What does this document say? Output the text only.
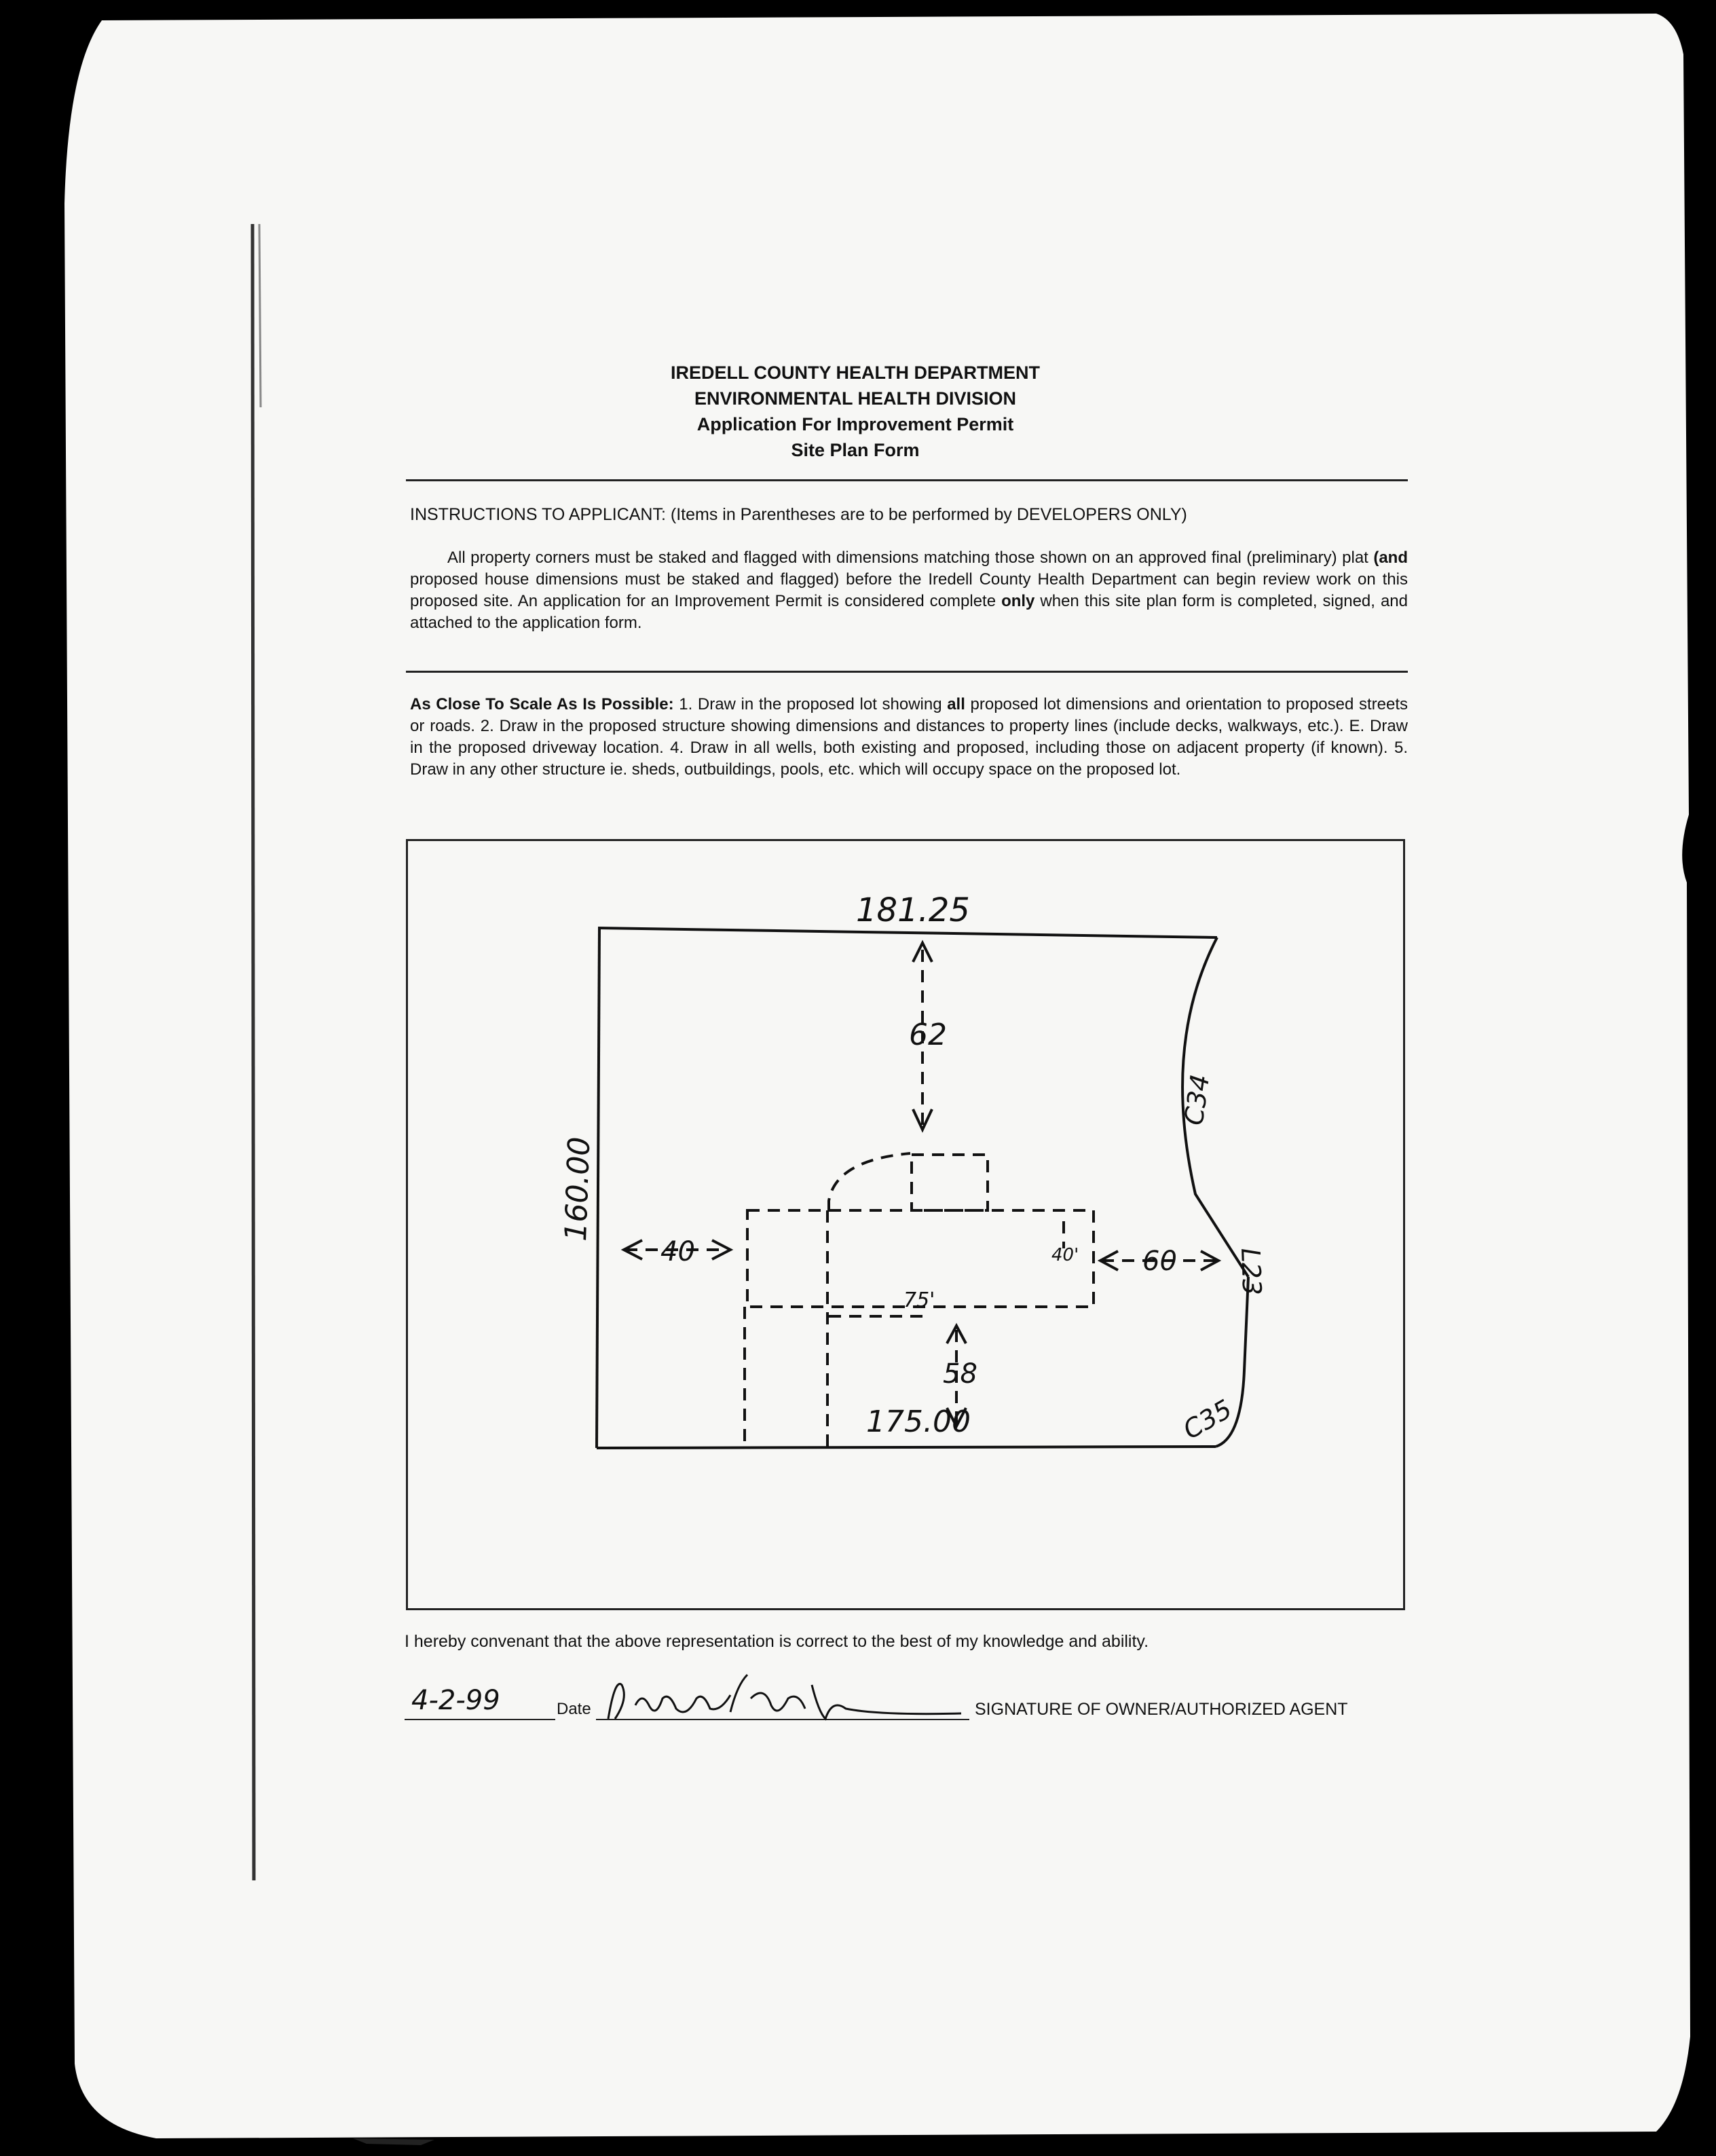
IREDELL COUNTY HEALTH DEPARTMENT
ENVIRONMENTAL HEALTH DIVISION
Application For Improvement Permit
Site Plan Form
INSTRUCTIONS TO APPLICANT: (Items in Parentheses are to be performed by DEVELOPERS ONLY)

All property corners must be staked and flagged with dimensions matching those shown on an approved final (preliminary) plat (and proposed house dimensions must be staked and flagged) before the Iredell County Health Department can begin review work on this proposed site. An application for an Improvement Permit is considered complete only when this site plan form is completed, signed, and attached to the application form.

As Close To Scale As Is Possible: 1. Draw in the proposed lot showing all proposed lot dimensions and orientation to proposed streets or roads. 2. Draw in the proposed structure showing dimensions and distances to property lines (include decks, walkways, etc.). E. Draw in the proposed driveway location. 4. Draw in all wells, both existing and proposed, including those on adjacent property (if known). 5. Draw in any other structure ie. sheds, outbuildings, pools, etc. which will occupy space on the proposed lot.

181.25
175.00
160.00
62
58
40	60
75'
40'
C34
L23
C35
I hereby convenant that the above representation is correct to the best of my knowledge and ability.
4-2-99	Date	SIGNATURE OF OWNER/AUTHORIZED AGENT
